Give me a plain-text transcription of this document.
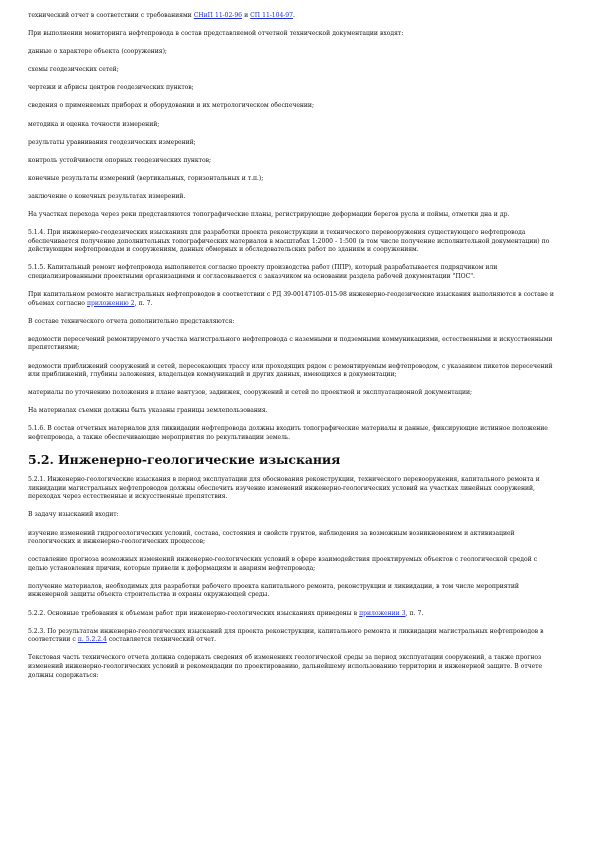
технический отчет в соответствии с требованиями СНиП 11-02-96 и СП 11-104-97.

При выполнении мониторинга нефтепровода в состав представляемой отчетной технической документации входят:

данные о характере объекта (сооружения);

схемы геодезических сетей;

чертежи и абрисы центров геодезических пунктов;

сведения о применяемых приборах и оборудовании и их метрологическом обеспечении;

методика и оценка точности измерений;

результаты уравнивания геодезических измерений;

контроль устойчивости опорных геодезических пунктов;

конечные результаты измерений (вертикальных, горизонтальных и т.п.);

заключение о конечных результатах измерений.

На участках перехода через реки представляются топографические планы, регистрирующие деформации берегов русла и поймы, отметки дна и др.

5.1.4. При инженерно-геодезических изысканиях для разработки проекта реконструкции и технического перевооружения существующего нефтепровода обеспечивается получение дополнительных топографических материалов в масштабах 1:2000 - 1:500 (в том числе получение исполнительной документации) по действующим нефтепроводам и сооружениям, данных обмерных и обследовательских работ по зданиям и сооружениям.

5.1.5. Капитальный ремонт нефтепровода выполняется согласно проекту производства работ (ППР), который разрабатывается подрядчиком или специализированными проектными организациями и согласовывается с заказчиком на основании раздела рабочей документации "ПОС".

При капитальном ремонте магистральных нефтепроводов в соответствии с РД 39-00147105-015-98 инженерно-геодезические изыскания выполняются в составе и объемах согласно приложению 2, п. 7.

В составе технического отчета дополнительно представляются:

ведомости пересечений ремонтируемого участка магистрального нефтепровода с наземными и подземными коммуникациями, естественными и искусственными препятствиями;

ведомости приближений сооружений и сетей, пересекающих трассу или проходящих рядом с ремонтируемым нефтепроводом, с указанием пикетов пересечений или приближений, глубины заложения, владельцев коммуникаций и других данных, имеющихся в документации;

материалы по уточнению положения в плане вантузов, задвижек, сооружений и сетей по проектной и эксплуатационной документации;

На материалах съемки должны быть указаны границы землепользования.

5.1.6. В состав отчетных материалов для ликвидации нефтепровода должны входить топографические материалы и данные, фиксирующие истинное положение нефтепровода, а также обеспечивающие мероприятия по рекультивации земель.

5.2. Инженерно-геологические изыскания

5.2.1. Инженерно-геологические изыскания в период эксплуатации для обоснования реконструкции, технического перевооружения, капитального ремонта и ликвидации магистральных нефтепроводов должны обеспечить изучение изменений инженерно-геологических условий на участках линейных сооружений, переходах через естественные и искусственные препятствия.

В задачу изысканий входит:

изучение изменений гидрогеологических условий, состава, состояния и свойств грунтов, наблюдения за возможным возникновением и активизацией геологических и инженерно-геологических процессов;

составление прогноза возможных изменений инженерно-геологических условий в сфере взаимодействия проектируемых объектов с геологической средой с целью установления причин, которые привели к деформациям и авариям нефтепровода;

получение материалов, необходимых для разработки рабочего проекта капитального ремонта, реконструкции и ликвидации, в том числе мероприятий инженерной защиты объекта строительства и охраны окружающей среды.

5.2.2. Основные требования к объемам работ при инженерно-геологических изысканиях приведены в приложении 3, п. 7.

5.2.3. По результатам инженерно-геологических изысканий для проекта реконструкции, капитального ремонта и ликвидации магистральных нефтепроводов в соответствии с п. 5.2.2.4 составляется технический отчет.

Текстовая часть технического отчета должна содержать сведения об изменениях геологической среды за период эксплуатации сооружений, а также прогноз изменений инженерно-геологических условий и рекомендации по проектированию, дальнейшему использованию территории и инженерной защите. В отчете должны содержаться:
